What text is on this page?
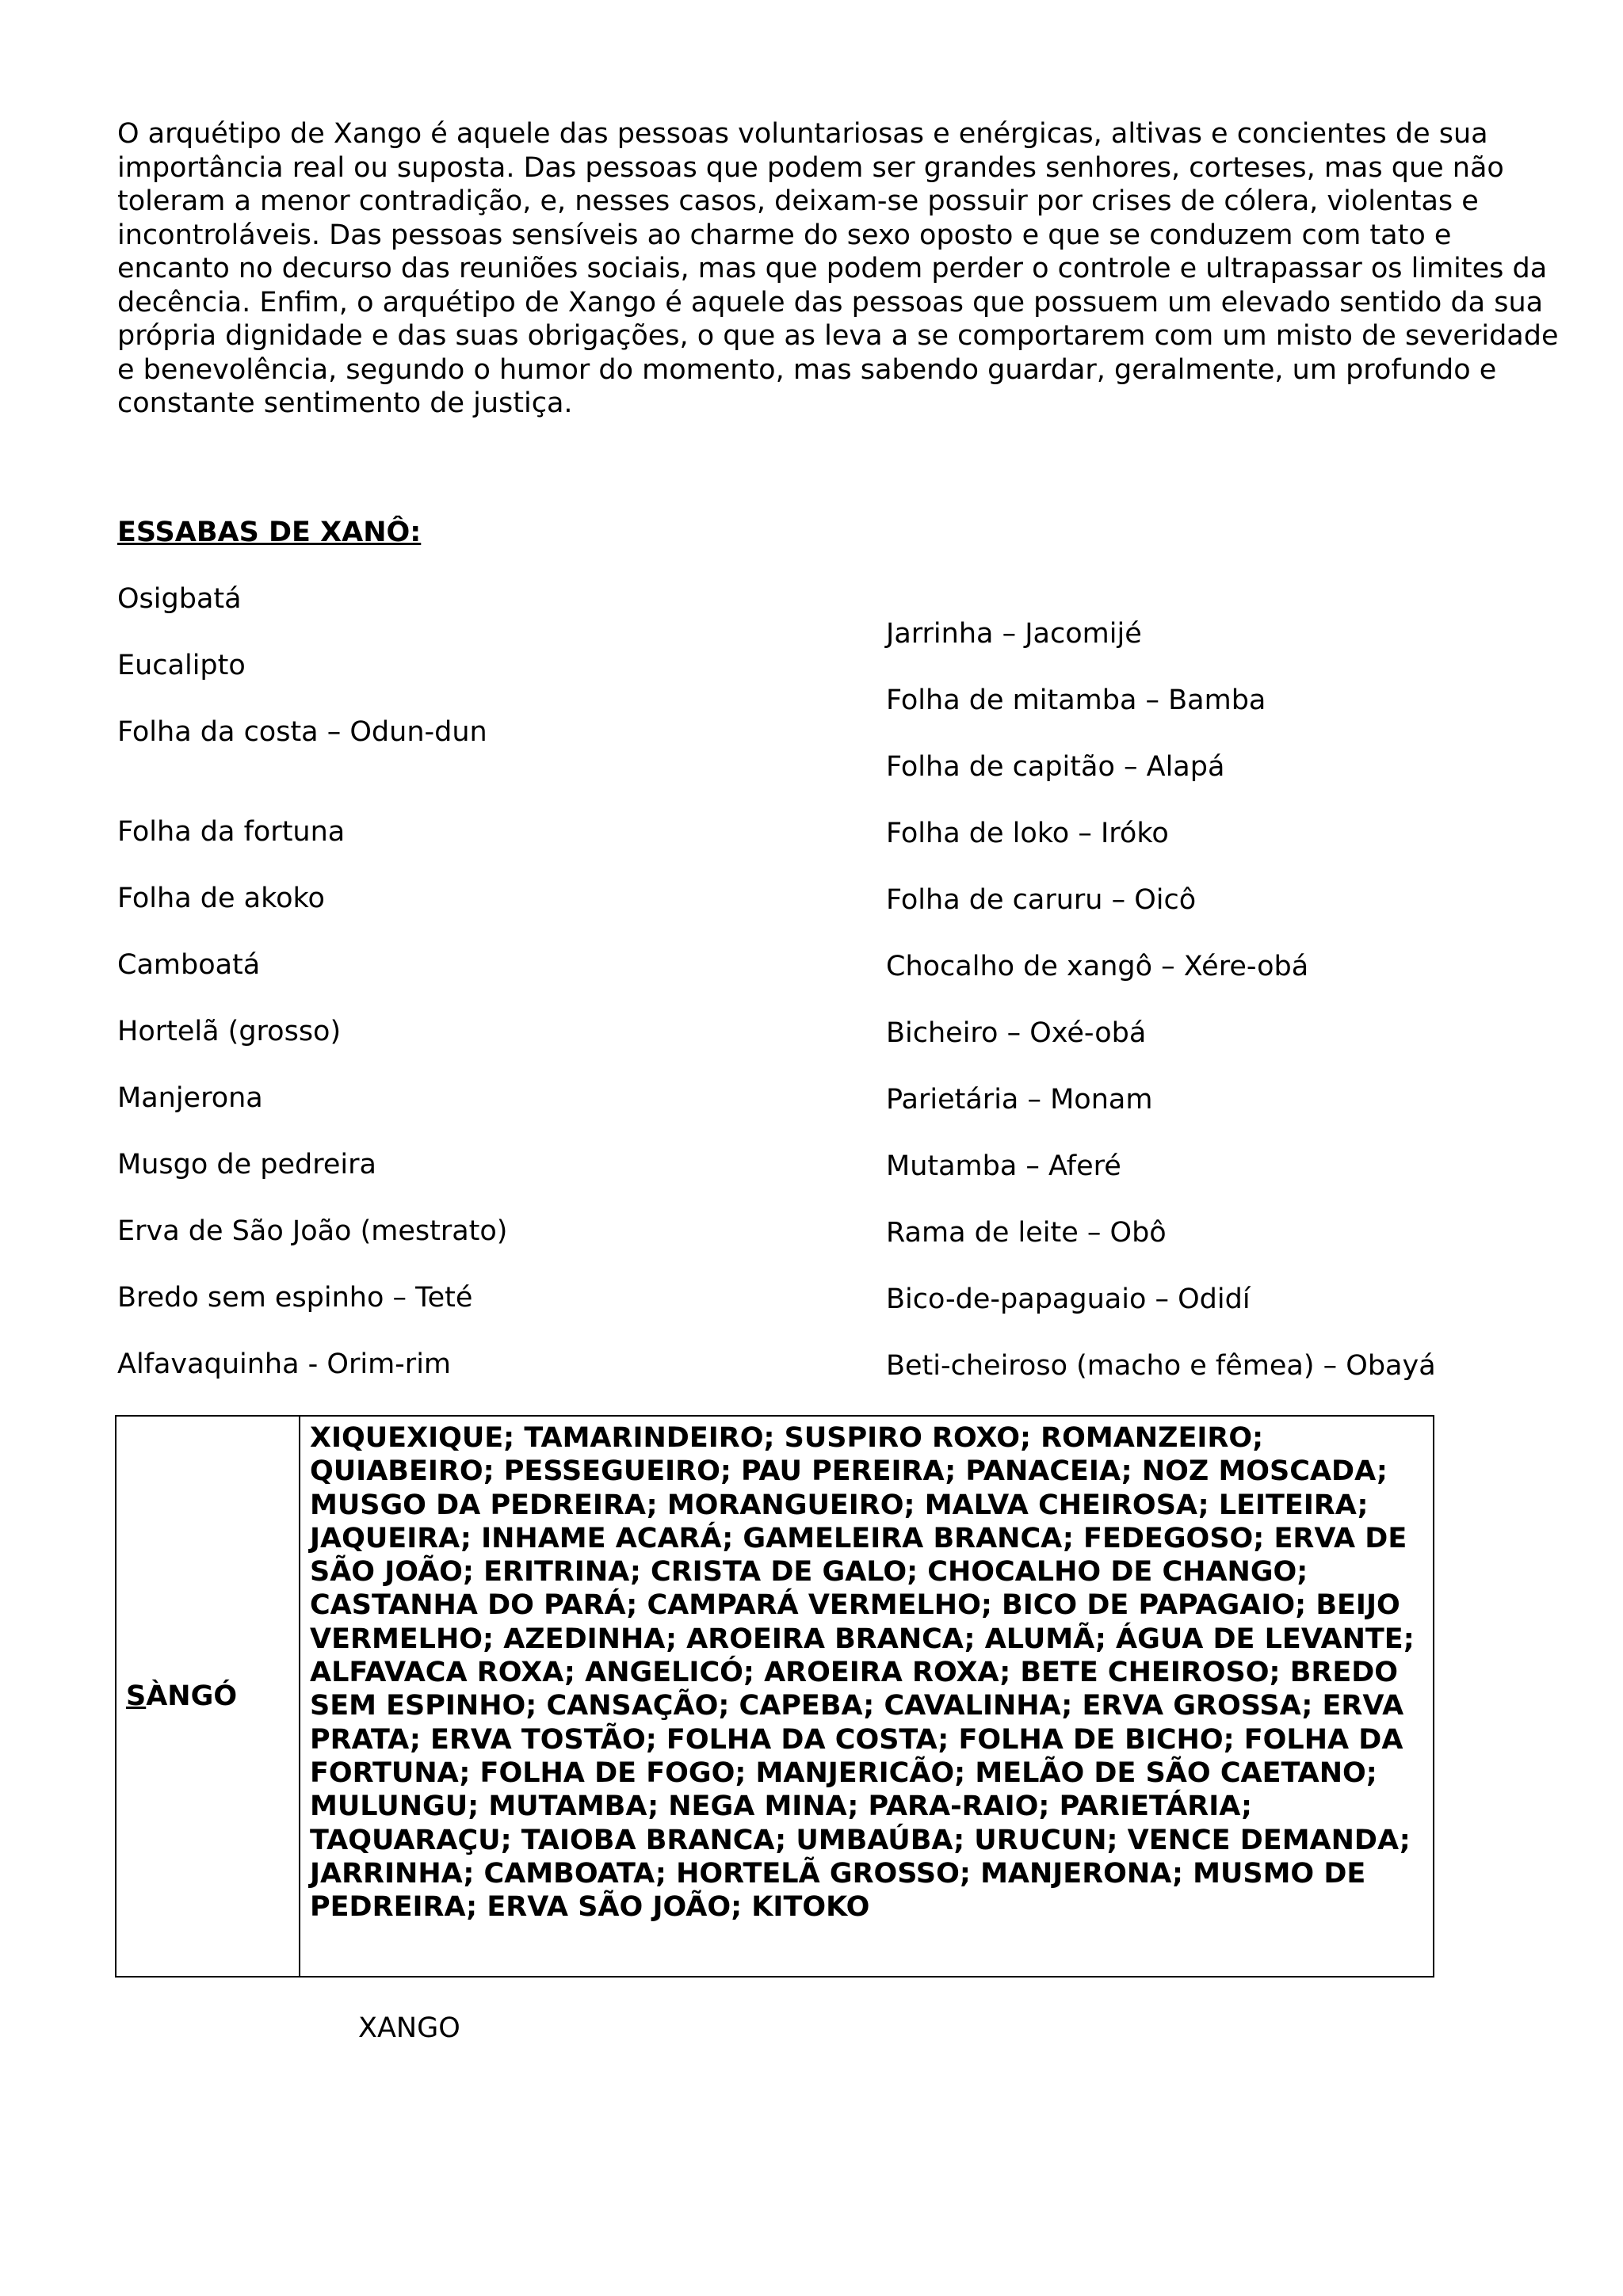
O arquétipo de Xango é aquele das pessoas voluntariosas e enérgicas, altivas e concientes de sua importância real ou suposta. Das pessoas que podem ser grandes senhores, corteses, mas que não toleram a menor contradição, e, nesses casos, deixam-se possuir por crises de cólera, violentas e incontroláveis. Das pessoas sensíveis ao charme do sexo oposto e que se conduzem com tato e encanto no decurso das reuniões sociais, mas que podem perder o controle e ultrapassar os limites da decência. Enfim, o arquétipo de Xango é aquele das pessoas que possuem um elevado sentido da sua própria dignidade e das suas obrigações, o que as leva a se comportarem com um misto de severidade e benevolência, segundo o humor do momento, mas sabendo guardar, geralmente, um profundo e constante sentimento de justiça.

ESSABAS DE XANÔ:

Osigbatá
Eucalipto
Folha da costa – Odun-dun
Folha da fortuna
Folha de akoko
Camboatá
Hortelã (grosso)
Manjerona
Musgo de pedreira
Erva de São João (mestrato)
Bredo sem espinho – Teté
Alfavaquinha - Orim-rim
Jarrinha – Jacomijé
Folha de mitamba – Bamba
Folha de capitão – Alapá
Folha de loko – Iróko
Folha de caruru – Oicô
Chocalho de xangô – Xére-obá
Bicheiro – Oxé-obá
Parietária – Monam
Mutamba – Aferé
Rama de leite – Obô
Bico-de-papaguaio – Odidí
Beti-cheiroso (macho e fêmea) – Obayá
S ÀNGÓ
XIQUEXIQUE; TAMARINDEIRO; SUSPIRO ROXO; ROMANZEIRO; QUIABEIRO; PESSEGUEIRO; PAU PEREIRA; PANACEIA; NOZ MOSCADA; MUSGO DA PEDREIRA; MORANGUEIRO; MALVA CHEIROSA; LEITEIRA; JAQUEIRA; INHAME ACARÁ; GAMELEIRA BRANCA; FEDEGOSO; ERVA DE SÃO JOÃO; ERITRINA; CRISTA DE GALO; CHOCALHO DE CHANGO; CASTANHA DO PARÁ; CAMPARÁ VERMELHO; BICO DE PAPAGAIO; BEIJO VERMELHO; AZEDINHA; AROEIRA BRANCA; ALUMÃ; ÁGUA DE LEVANTE; ALFAVACA ROXA; ANGELICÓ; AROEIRA ROXA; BETE CHEIROSO; BREDO SEM ESPINHO; CANSAÇÃO; CAPEBA; CAVALINHA; ERVA GROSSA; ERVA PRATA; ERVA TOSTÃO; FOLHA DA COSTA; FOLHA DE BICHO; FOLHA DA FORTUNA; FOLHA DE FOGO; MANJERICÃO; MELÃO DE SÃO CAETANO; MULUNGU; MUTAMBA; NEGA MINA; PARA-RAIO; PARIETÁRIA; TAQUARAÇU; TAIOBA BRANCA; UMBAÚBA; URUCUN; VENCE DEMANDA; JARRINHA; CAMBOATA; HORTELÃ GROSSO; MANJERONA; MUSMO DE PEDREIRA; ERVA SÃO JOÃO; KITOKO

XANGO
